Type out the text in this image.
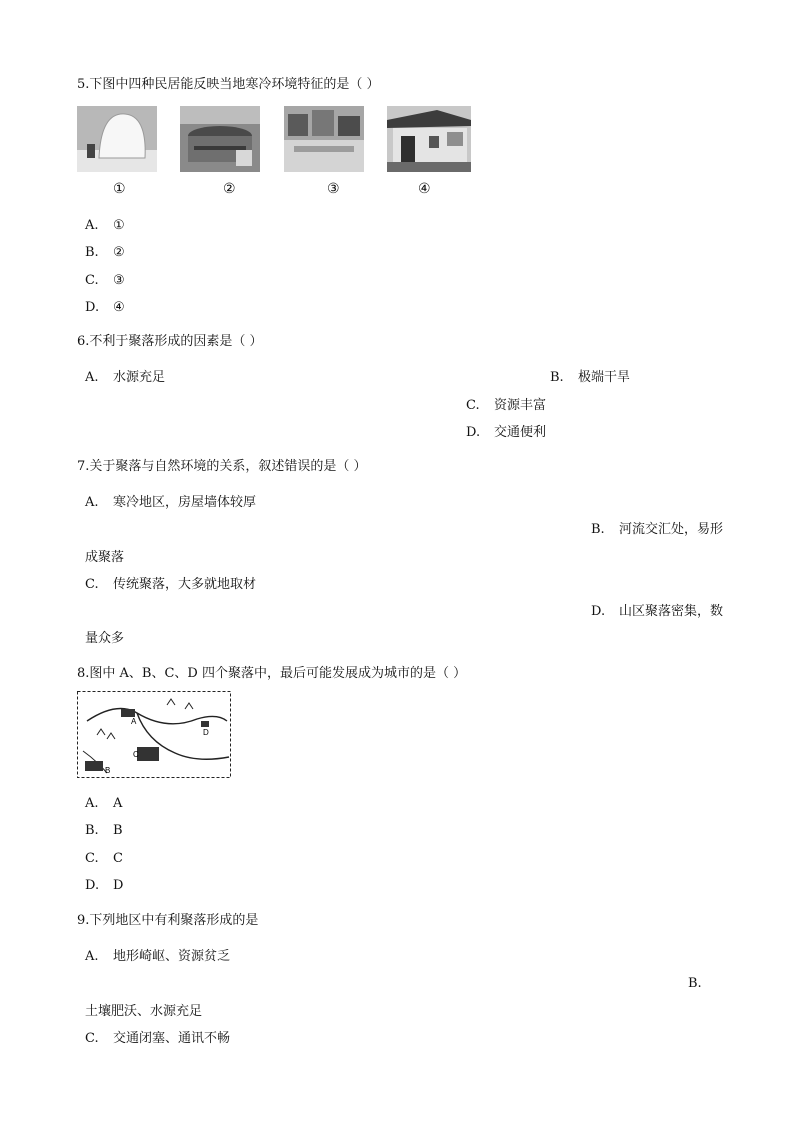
5.下图中四种民居能反映当地寒冷环境特征的是（ ）
①	②	③	④
A. ①
B. ②
C. ③
D. ④
6.不利于聚落形成的因素是（ ）
A. 水源充足	B. 极端干旱
C. 资源丰富
D. 交通便利
7.关于聚落与自然环境的关系，叙述错误的是（ ）
A. 寒冷地区，房屋墙体较厚
B. 河流交汇处，易形
成聚落
C. 传统聚落，大多就地取材
D. 山区聚落密集，数
量众多
8.图中 A、B、C、D 四个聚落中，最后可能发展成为城市的是（ ）
A
B
C
D
A. A
B. B
C. C
D. D
9.下列地区中有利聚落形成的是
A. 地形崎岖、资源贫乏
B.
土壤肥沃、水源充足
C. 交通闭塞、通讯不畅
